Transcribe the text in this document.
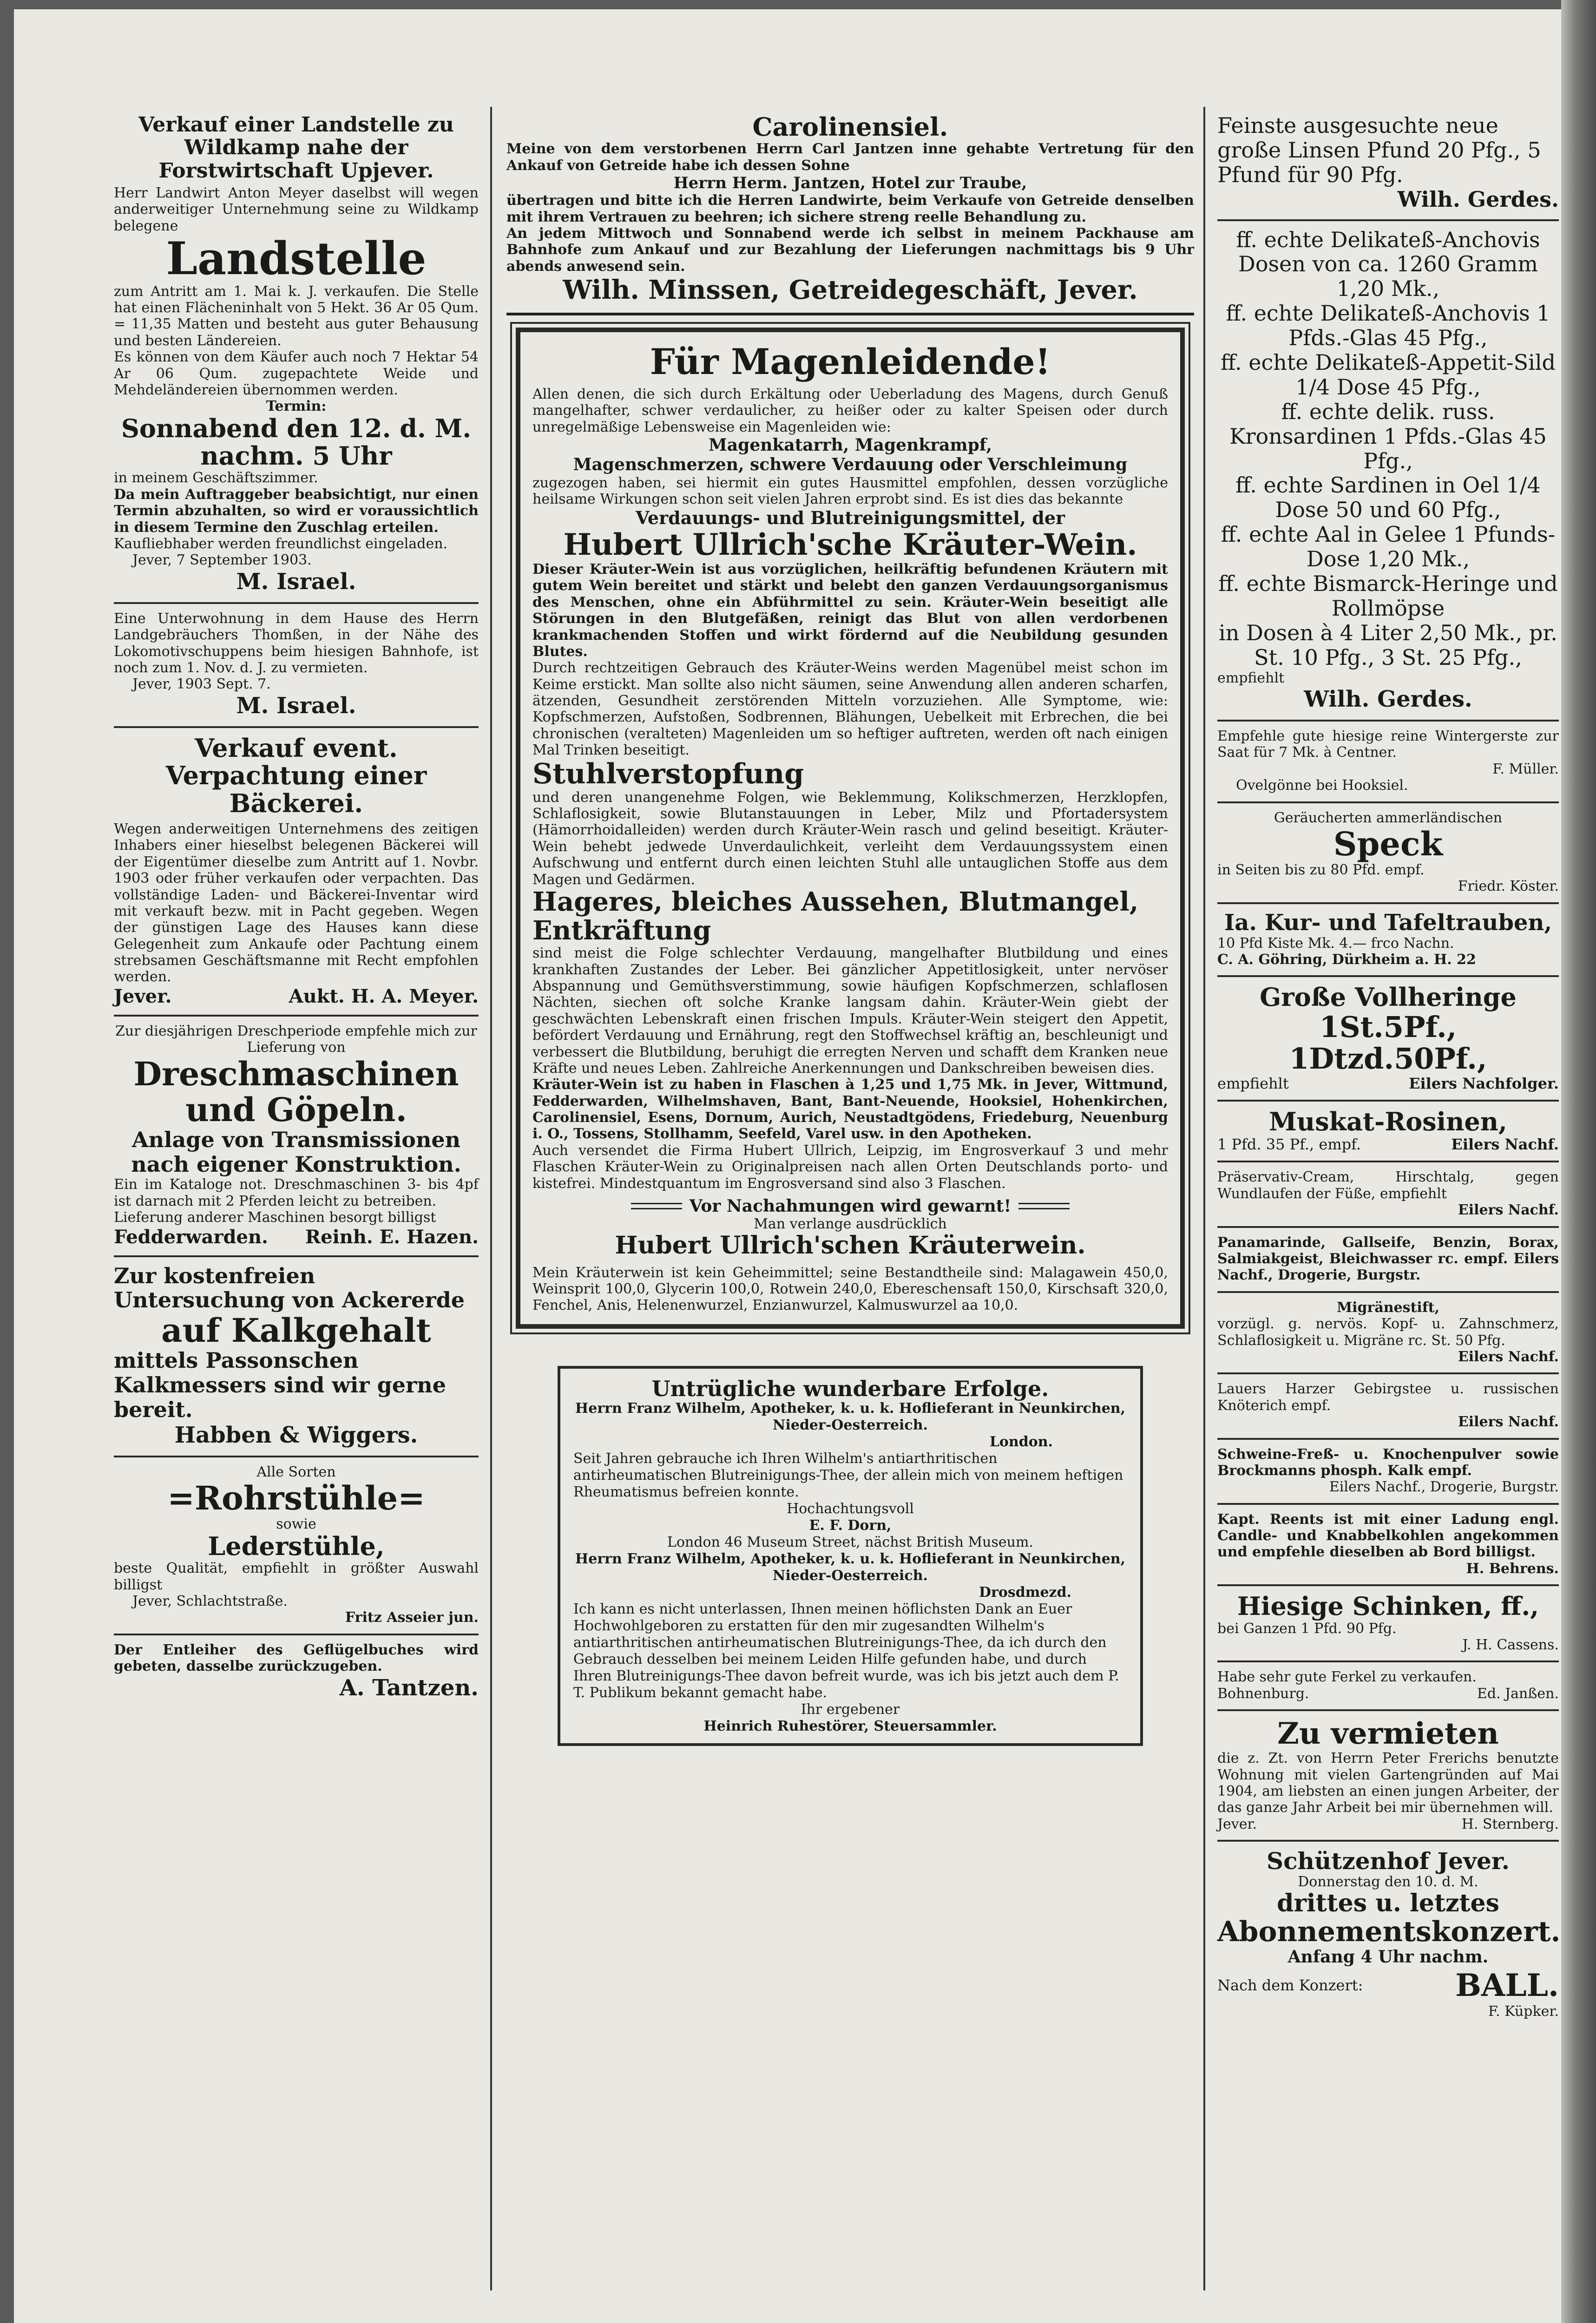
Verkauf einer Landstelle zu Wildkamp nahe der Forstwirtschaft Upjever.

Herr Landwirt Anton Meyer daselbst will wegen anderweitiger Unternehmung seine zu Wildkamp belegene

Landstelle

zum Antritt am 1. Mai k. J. verkaufen. Die Stelle hat einen Flächeninhalt von 5 Hekt. 36 Ar 05 Qum. = 11,35 Matten und besteht aus guter Behausung und besten Ländereien.

Es können von dem Käufer auch noch 7 Hektar 54 Ar 06 Qum. zugepachtete Weide und Mehdeländereien übernommen werden.

Termin:

Sonnabend den 12. d. M. nachm. 5 Uhr

in meinem Geschäftszimmer.

Da mein Auftraggeber beabsichtigt, nur einen Termin abzuhalten, so wird er voraussichtlich in diesem Termine den Zuschlag erteilen.

Kaufliebhaber werden freundlichst eingeladen.

Jever, 7 September 1903.

M. Israel.

Eine Unterwohnung in dem Hause des Herrn Landgebräuchers Thomßen, in der Nähe des Lokomotivschuppens beim hiesigen Bahnhofe, ist noch zum 1. Nov. d. J. zu vermieten.

Jever, 1903 Sept. 7.

M. Israel.

Verkauf event. Verpachtung einer Bäckerei.

Wegen anderweitigen Unternehmens des zeitigen Inhabers einer hieselbst belegenen Bäckerei will der Eigentümer dieselbe zum Antritt auf 1. Novbr. 1903 oder früher verkaufen oder verpachten. Das vollständige Laden- und Bäckerei-Inventar wird mit verkauft bezw. mit in Pacht gegeben. Wegen der günstigen Lage des Hauses kann diese Gelegenheit zum Ankaufe oder Pachtung einem strebsamen Geschäftsmanne mit Recht empfohlen werden.

Jever.	Aukt. H. A. Meyer.

Zur diesjährigen Dreschperiode empfehle mich zur Lieferung von

Dreschmaschinen und Göpeln.

Anlage von Transmissionen nach eigener Konstruktion.

Ein im Kataloge not. Dreschmaschinen 3- bis 4pf ist darnach mit 2 Pferden leicht zu betreiben.

Lieferung anderer Maschinen besorgt billigst

Fedderwarden. Reinh. E. Hazen.

Zur kostenfreien Untersuchung von Ackererde

auf Kalkgehalt

mittels Passonschen Kalkmessers sind wir gerne bereit.

Habben & Wiggers.

Alle Sorten

=Rohrstühle=

sowie

Lederstühle,

beste Qualität, empfiehlt in größter Auswahl billigst

Jever, Schlachtstraße.

Fritz Asseier jun.

Der Entleiher des Geflügelbuches wird gebeten, dasselbe zurückzugeben.

A. Tantzen.

Carolinensiel.

Meine von dem verstorbenen Herrn Carl Jantzen inne gehabte Vertretung für den Ankauf von Getreide habe ich dessen Sohne

Herrn Herm. Jantzen, Hotel zur Traube,

übertragen und bitte ich die Herren Landwirte, beim Verkaufe von Getreide denselben mit ihrem Vertrauen zu beehren; ich sichere streng reelle Behandlung zu.

An jedem Mittwoch und Sonnabend werde ich selbst in meinem Packhause am Bahnhofe zum Ankauf und zur Bezahlung der Lieferungen nachmittags bis 9 Uhr abends anwesend sein.

Wilh. Minssen, Getreidegeschäft, Jever.

Für Magenleidende!

Allen denen, die sich durch Erkältung oder Ueberladung des Magens, durch Genuß mangelhafter, schwer verdaulicher, zu heißer oder zu kalter Speisen oder durch unregelmäßige Lebensweise ein Magenleiden wie:

Magenkatarrh, Magenkrampf,

Magenschmerzen, schwere Verdauung oder Verschleimung

zugezogen haben, sei hiermit ein gutes Hausmittel empfohlen, dessen vorzügliche heilsame Wirkungen schon seit vielen Jahren erprobt sind. Es ist dies das bekannte

Verdauungs- und Blutreinigungsmittel, der

Hubert Ullrich'sche Kräuter-Wein.

Dieser Kräuter-Wein ist aus vorzüglichen, heilkräftig befundenen Kräutern mit gutem Wein bereitet und stärkt und belebt den ganzen Verdauungsorganismus des Menschen, ohne ein Abführmittel zu sein. Kräuter-Wein beseitigt alle Störungen in den Blutgefäßen, reinigt das Blut von allen verdorbenen krankmachenden Stoffen und wirkt fördernd auf die Neubildung gesunden Blutes.

Durch rechtzeitigen Gebrauch des Kräuter-Weins werden Magenübel meist schon im Keime erstickt. Man sollte also nicht säumen, seine Anwendung allen anderen scharfen, ätzenden, Gesundheit zerstörenden Mitteln vorzuziehen. Alle Symptome, wie: Kopfschmerzen, Aufstoßen, Sodbrennen, Blähungen, Uebelkeit mit Erbrechen, die bei chronischen (veralteten) Magenleiden um so heftiger auftreten, werden oft nach einigen Mal Trinken beseitigt.

Stuhlverstopfung

und deren unangenehme Folgen, wie Beklemmung, Kolikschmerzen, Herzklopfen, Schlaflosigkeit, sowie Blutanstauungen in Leber, Milz und Pfortadersystem (Hämorrhoidalleiden) werden durch Kräuter-Wein rasch und gelind beseitigt. Kräuter-Wein behebt jedwede Unverdaulichkeit, verleiht dem Verdauungssystem einen Aufschwung und entfernt durch einen leichten Stuhl alle untauglichen Stoffe aus dem Magen und Gedärmen.

Hageres, bleiches Aussehen, Blutmangel, Entkräftung

sind meist die Folge schlechter Verdauung, mangelhafter Blutbildung und eines krankhaften Zustandes der Leber. Bei gänzlicher Appetitlosigkeit, unter nervöser Abspannung und Gemüthsverstimmung, sowie häufigen Kopfschmerzen, schlaflosen Nächten, siechen oft solche Kranke langsam dahin. Kräuter-Wein giebt der geschwächten Lebenskraft einen frischen Impuls. Kräuter-Wein steigert den Appetit, befördert Verdauung und Ernährung, regt den Stoffwechsel kräftig an, beschleunigt und verbessert die Blutbildung, beruhigt die erregten Nerven und schafft dem Kranken neue Kräfte und neues Leben. Zahlreiche Anerkennungen und Dankschreiben beweisen dies.

Kräuter-Wein ist zu haben in Flaschen à 1,25 und 1,75 Mk. in Jever, Wittmund, Fedderwarden, Wilhelmshaven, Bant, Bant-Neuende, Hooksiel, Hohenkirchen, Carolinensiel, Esens, Dornum, Aurich, Neustadtgödens, Friedeburg, Neuenburg i. O., Tossens, Stollhamm, Seefeld, Varel usw. in den Apotheken.

Auch versendet die Firma Hubert Ullrich, Leipzig, im Engrosverkauf 3 und mehr Flaschen Kräuter-Wein zu Originalpreisen nach allen Orten Deutschlands porto- und kistefrei. Mindestquantum im Engrosversand sind also 3 Flaschen.

Vor Nachahmungen wird gewarnt!

Man verlange ausdrücklich

Hubert Ullrich'schen Kräuterwein.

Mein Kräuterwein ist kein Geheimmittel; seine Bestandtheile sind: Malagawein 450,0, Weinsprit 100,0, Glycerin 100,0, Rotwein 240,0, Ebereschensaft 150,0, Kirschsaft 320,0, Fenchel, Anis, Helenenwurzel, Enzianwurzel, Kalmuswurzel aa 10,0.

Untrügliche wunderbare Erfolge.

Herrn Franz Wilhelm, Apotheker, k. u. k. Hoflieferant in Neunkirchen, Nieder-Oesterreich.

London.

Seit Jahren gebrauche ich Ihren Wilhelm's antiarthritischen antirheumatischen Blutreinigungs-Thee, der allein mich von meinem heftigen Rheumatismus befreien konnte.

Hochachtungsvoll

E. F. Dorn,

London 46 Museum Street, nächst British Museum.

Herrn Franz Wilhelm, Apotheker, k. u. k. Hoflieferant in Neunkirchen, Nieder-Oesterreich.

Drosdmezd.

Ich kann es nicht unterlassen, Ihnen meinen höflichsten Dank an Euer Hochwohlgeboren zu erstatten für den mir zugesandten Wilhelm's antiarthritischen antirheumatischen Blutreinigungs-Thee, da ich durch den Gebrauch desselben bei meinem Leiden Hilfe gefunden habe, und durch Ihren Blutreinigungs-Thee davon befreit wurde, was ich bis jetzt auch dem P. T. Publikum bekannt gemacht habe.

Ihr ergebener

Heinrich Ruhestörer, Steuersammler.

Feinste ausgesuchte neue große Linsen Pfund 20 Pfg., 5 Pfund für 90 Pfg.

Wilh. Gerdes.

ff. echte Delikateß-Anchovis Dosen von ca. 1260 Gramm 1,20 Mk.,

ff. echte Delikateß-Anchovis 1 Pfds.-Glas 45 Pfg.,

ff. echte Delikateß-Appetit-Sild 1/4 Dose 45 Pfg.,

ff. echte delik. russ. Kronsardinen 1 Pfds.-Glas 45 Pfg.,

ff. echte Sardinen in Oel 1/4 Dose 50 und 60 Pfg.,

ff. echte Aal in Gelee 1 Pfunds-Dose 1,20 Mk.,

ff. echte Bismarck-Heringe und Rollmöpse

in Dosen à 4 Liter 2,50 Mk., pr. St. 10 Pfg., 3 St. 25 Pfg.,

empfiehlt

Wilh. Gerdes.

Empfehle gute hiesige reine Wintergerste zur Saat für 7 Mk. à Centner.

F. Müller.

Ovelgönne bei Hooksiel.

Geräucherten ammerländischen

Speck

in Seiten bis zu 80 Pfd. empf.

Friedr. Köster.

Ia. Kur- und Tafeltrauben,

10 Pfd Kiste Mk. 4.— frco Nachn.

C. A. Göhring, Dürkheim a. H. 22

Große Vollheringe

1St.5Pf., 1Dtzd.50Pf.,

empfiehlt	Eilers Nachfolger.

Muskat-Rosinen,

1 Pfd. 35 Pf., empf.	Eilers Nachf.

Präservativ-Cream, Hirschtalg, gegen Wundlaufen der Füße, empfiehlt

Eilers Nachf.

Panamarinde, Gallseife, Benzin, Borax, Salmiakgeist, Bleichwasser rc. empf. Eilers Nachf., Drogerie, Burgstr.

Migränestift,

vorzügl. g. nervös. Kopf- u. Zahnschmerz, Schlaflosigkeit u. Migräne rc. St. 50 Pfg.

Eilers Nachf.

Lauers Harzer Gebirgstee u. russischen Knöterich empf.

Eilers Nachf.

Schweine-Freß- u. Knochenpulver sowie Brockmanns phosph. Kalk empf.

Eilers Nachf., Drogerie, Burgstr.

Kapt. Reents ist mit einer Ladung engl. Candle- und Knabbelkohlen angekommen und empfehle dieselben ab Bord billigst.

H. Behrens.

Hiesige Schinken, ff.,

bei Ganzen 1 Pfd. 90 Pfg.

J. H. Cassens.

Habe sehr gute Ferkel zu verkaufen.

Bohnenburg.	Ed. Janßen.

Zu vermieten

die z. Zt. von Herrn Peter Frerichs benutzte Wohnung mit vielen Gartengründen auf Mai 1904, am liebsten an einen jungen Arbeiter, der das ganze Jahr Arbeit bei mir übernehmen will.

Jever.	H. Sternberg.

Schützenhof Jever.

Donnerstag den 10. d. M.

drittes u. letztes

Abonnementskonzert.

Anfang 4 Uhr nachm.

Nach dem Konzert:	BALL.

F. Küpker.
